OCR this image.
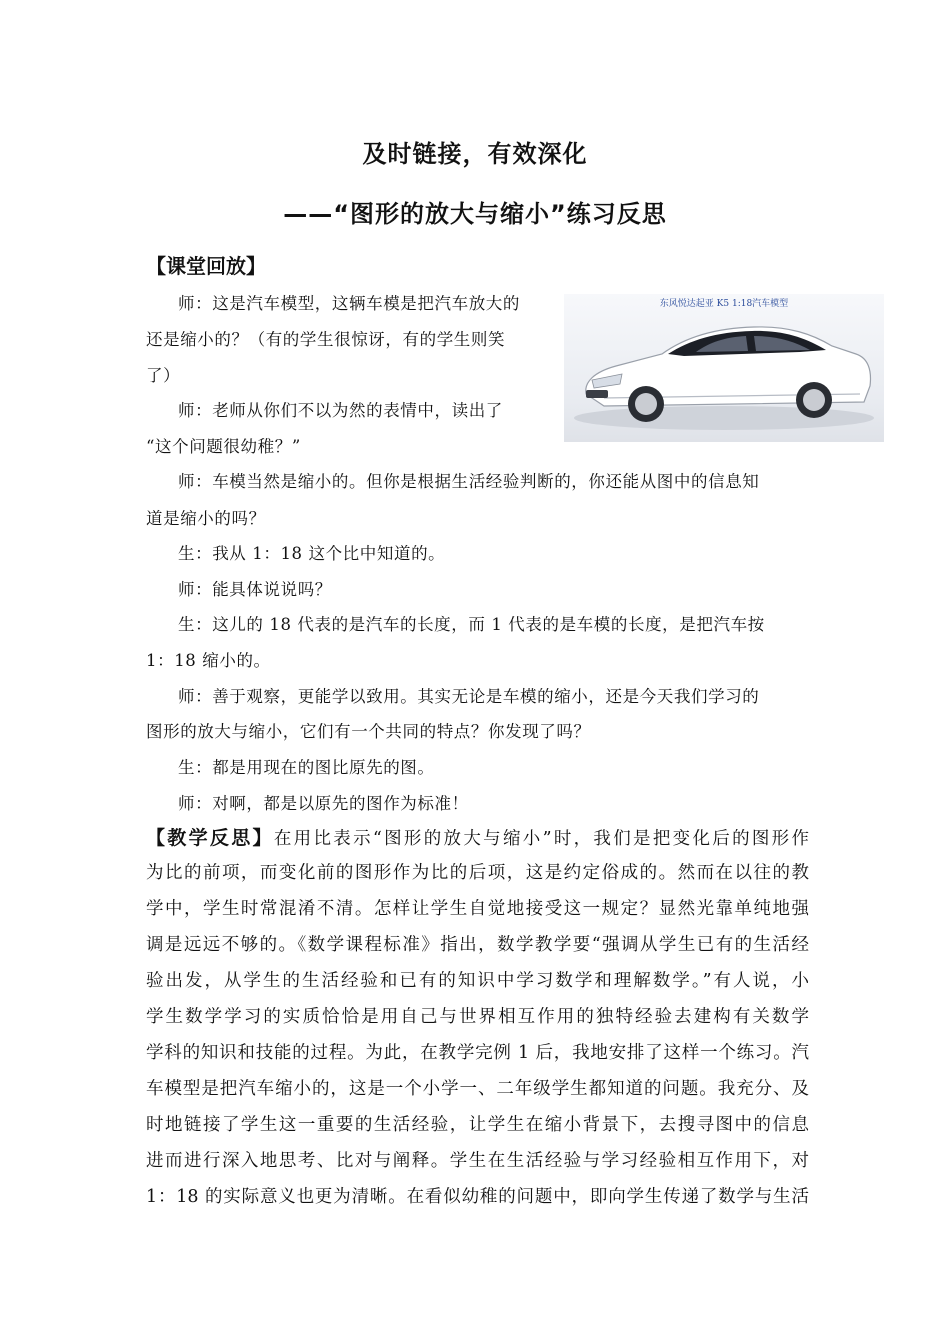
及时链接，有效深化
——“图形的放大与缩小”练习反思
【课堂回放】
东风悦达起亚 K5 1:18汽车模型
师：这是汽车模型，这辆车模是把汽车放大的
还是缩小的？（有的学生很惊讶，有的学生则笑
了）
师：老师从你们不以为然的表情中，读出了
“这个问题很幼稚？”
师：车模当然是缩小的。但你是根据生活经验判断的，你还能从图中的信息知
道是缩小的吗？
生：我从 1：18 这个比中知道的。
师：能具体说说吗？
生：这儿的 18 代表的是汽车的长度，而 1 代表的是车模的长度，是把汽车按
1：18 缩小的。
师：善于观察，更能学以致用。其实无论是车模的缩小，还是今天我们学习的
图形的放大与缩小，它们有一个共同的特点？你发现了吗？
生：都是用现在的图比原先的图。
师：对啊，都是以原先的图作为标准！
【教学反思】在用比表示“图形的放大与缩小”时，我们是把变化后的图形作
为比的前项，而变化前的图形作为比的后项，这是约定俗成的。然而在以往的教
学中，学生时常混淆不清。怎样让学生自觉地接受这一规定？显然光靠单纯地强
调是远远不够的。《数学课程标准》指出，数学教学要“强调从学生已有的生活经
验出发，从学生的生活经验和已有的知识中学习数学和理解数学。”有人说，小
学生数学学习的实质恰恰是用自己与世界相互作用的独特经验去建构有关数学
学科的知识和技能的过程。为此，在教学完例 1 后，我地安排了这样一个练习。汽
车模型是把汽车缩小的，这是一个小学一、二年级学生都知道的问题。我充分、及
时地链接了学生这一重要的生活经验，让学生在缩小背景下，去搜寻图中的信息
进而进行深入地思考、比对与阐释。学生在生活经验与学习经验相互作用下，对
1：18 的实际意义也更为清晰。在看似幼稚的问题中，即向学生传递了数学与生活
